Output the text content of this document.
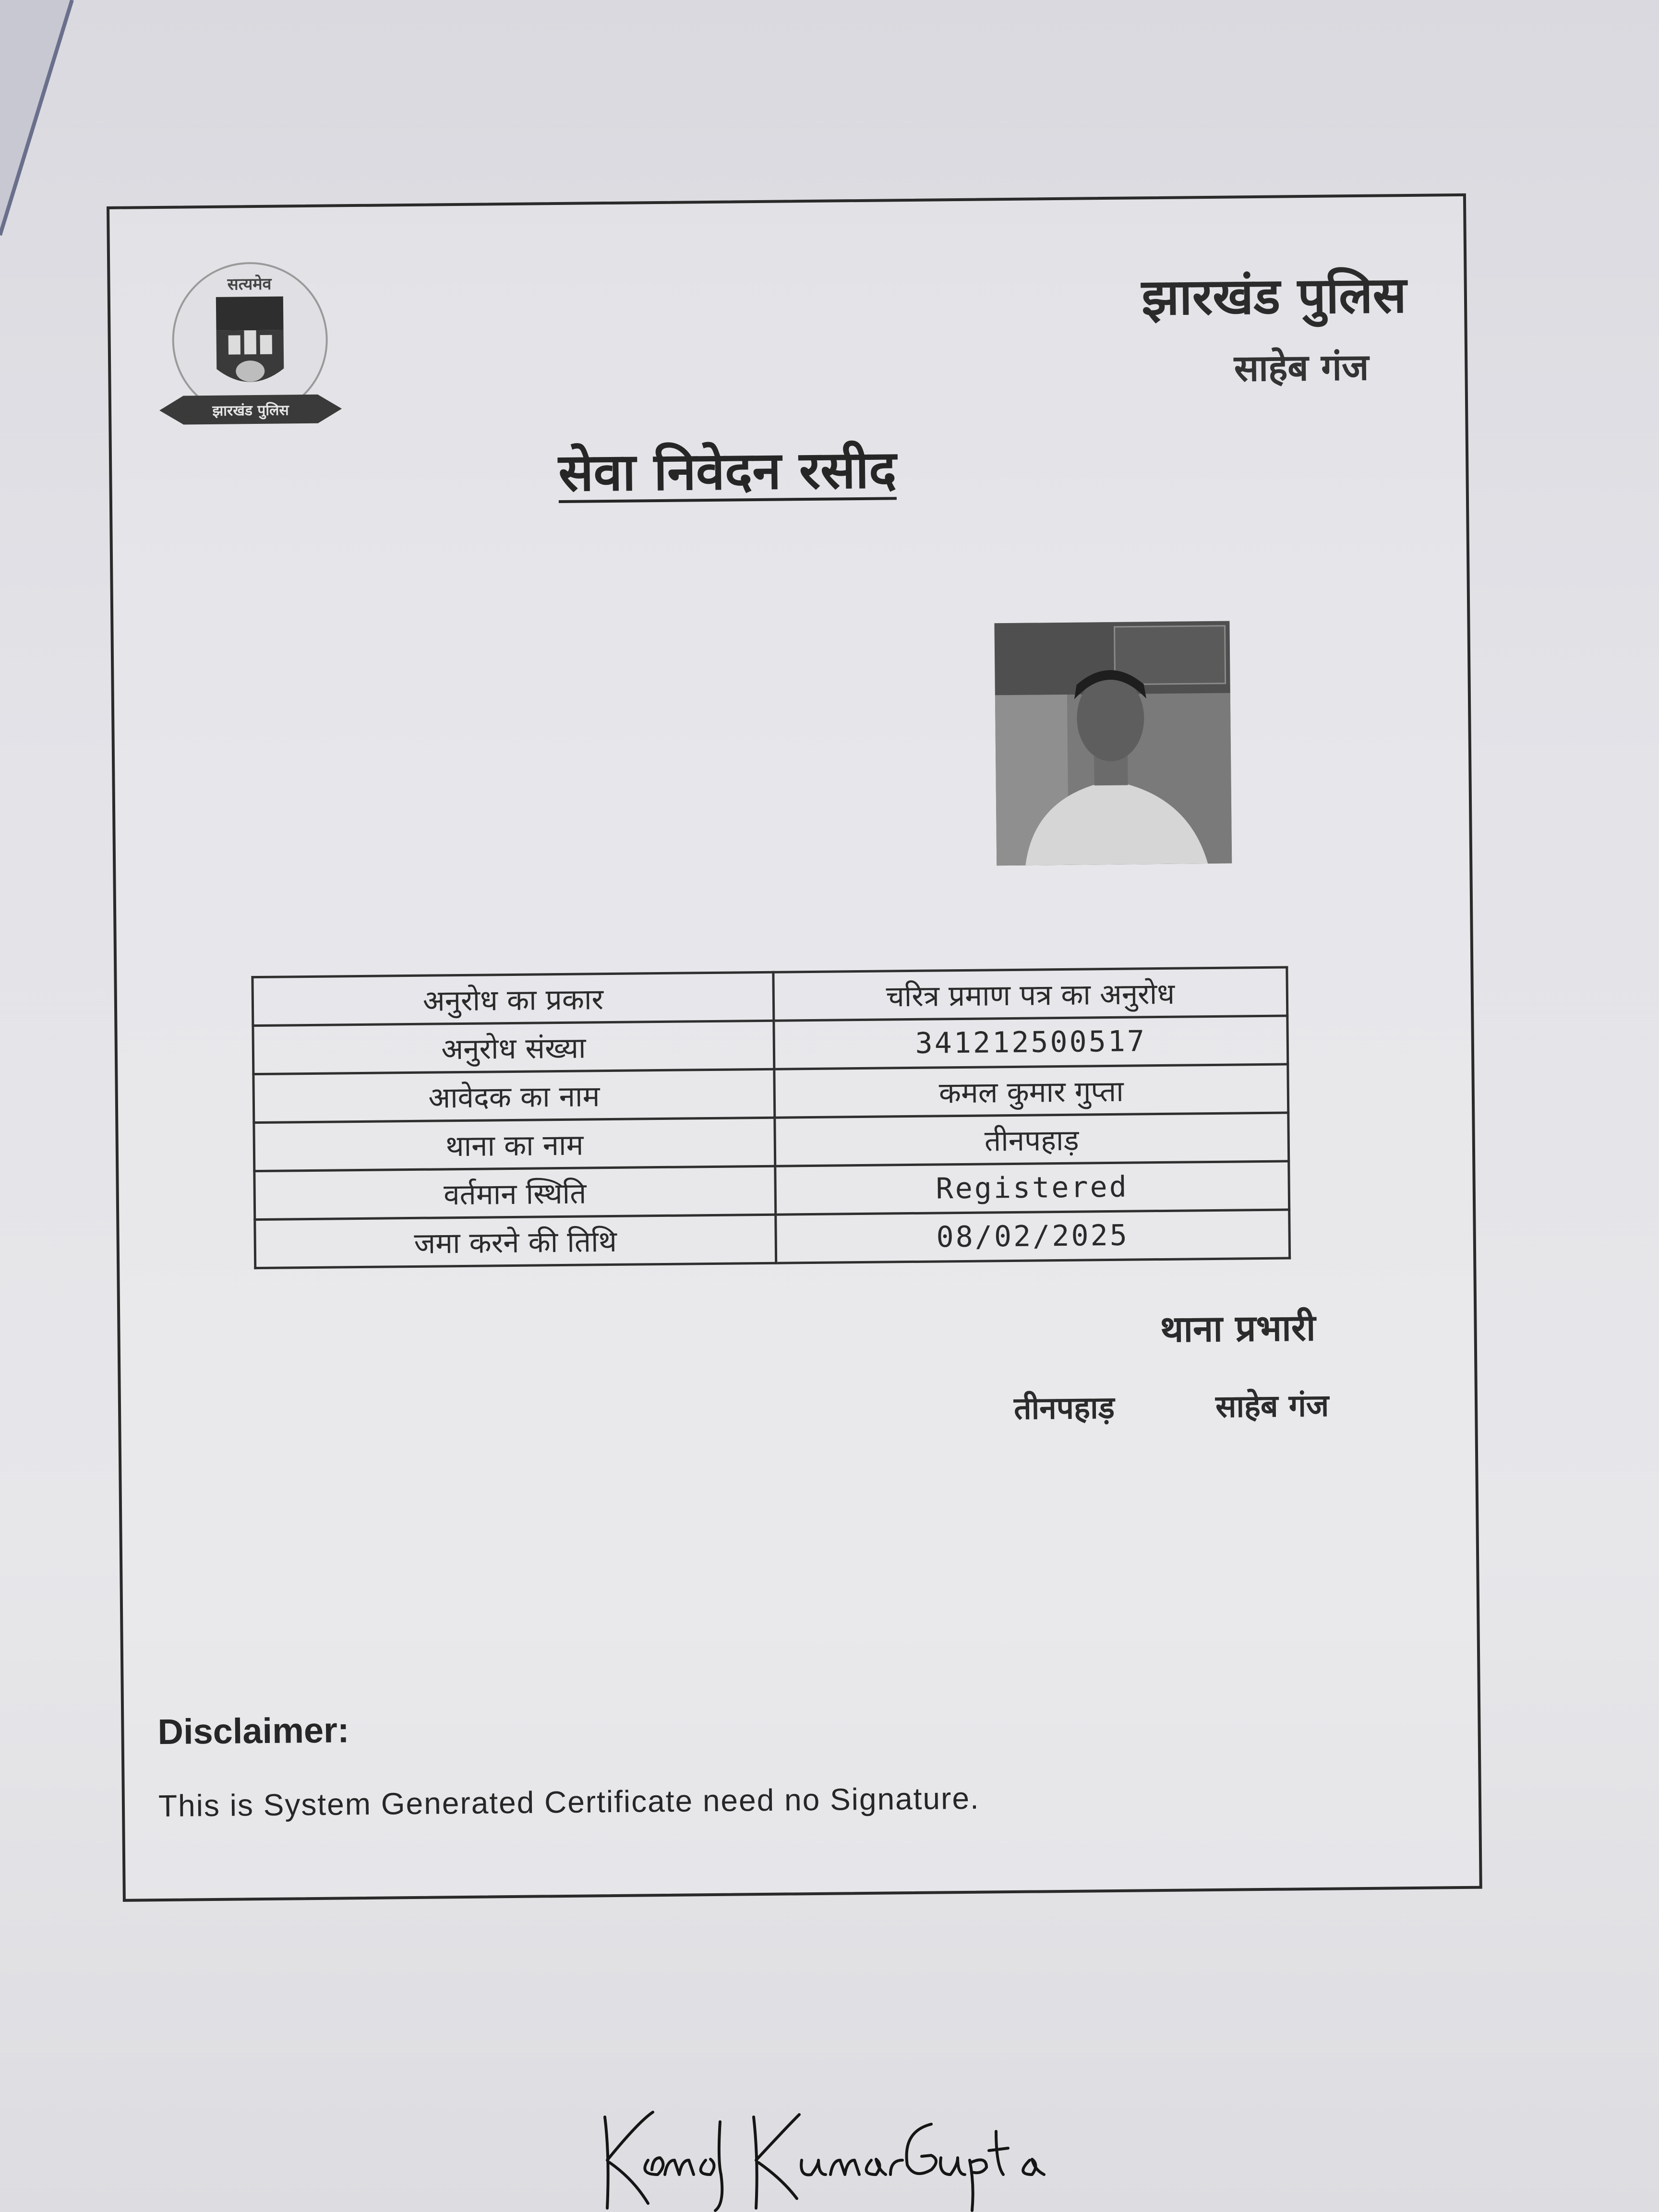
सत्यमेव
झारखंड पुलिस
झारखंड पुलिस
साहेब गंज
सेवा निवेदन रसीद
अनुरोध का प्रकार	चरित्र प्रमाण पत्र का अनुरोध
अनुरोध संख्या	341212500517
आवेदक का नाम	कमल कुमार गुप्ता
थाना का नाम	तीनपहाड़
वर्तमान स्थिति	Registered
जमा करने की तिथि	08/02/2025
थाना प्रभारी
तीनपहाड़	साहेब गंज
Disclaimer:
This is System Generated Certificate need no Signature.
